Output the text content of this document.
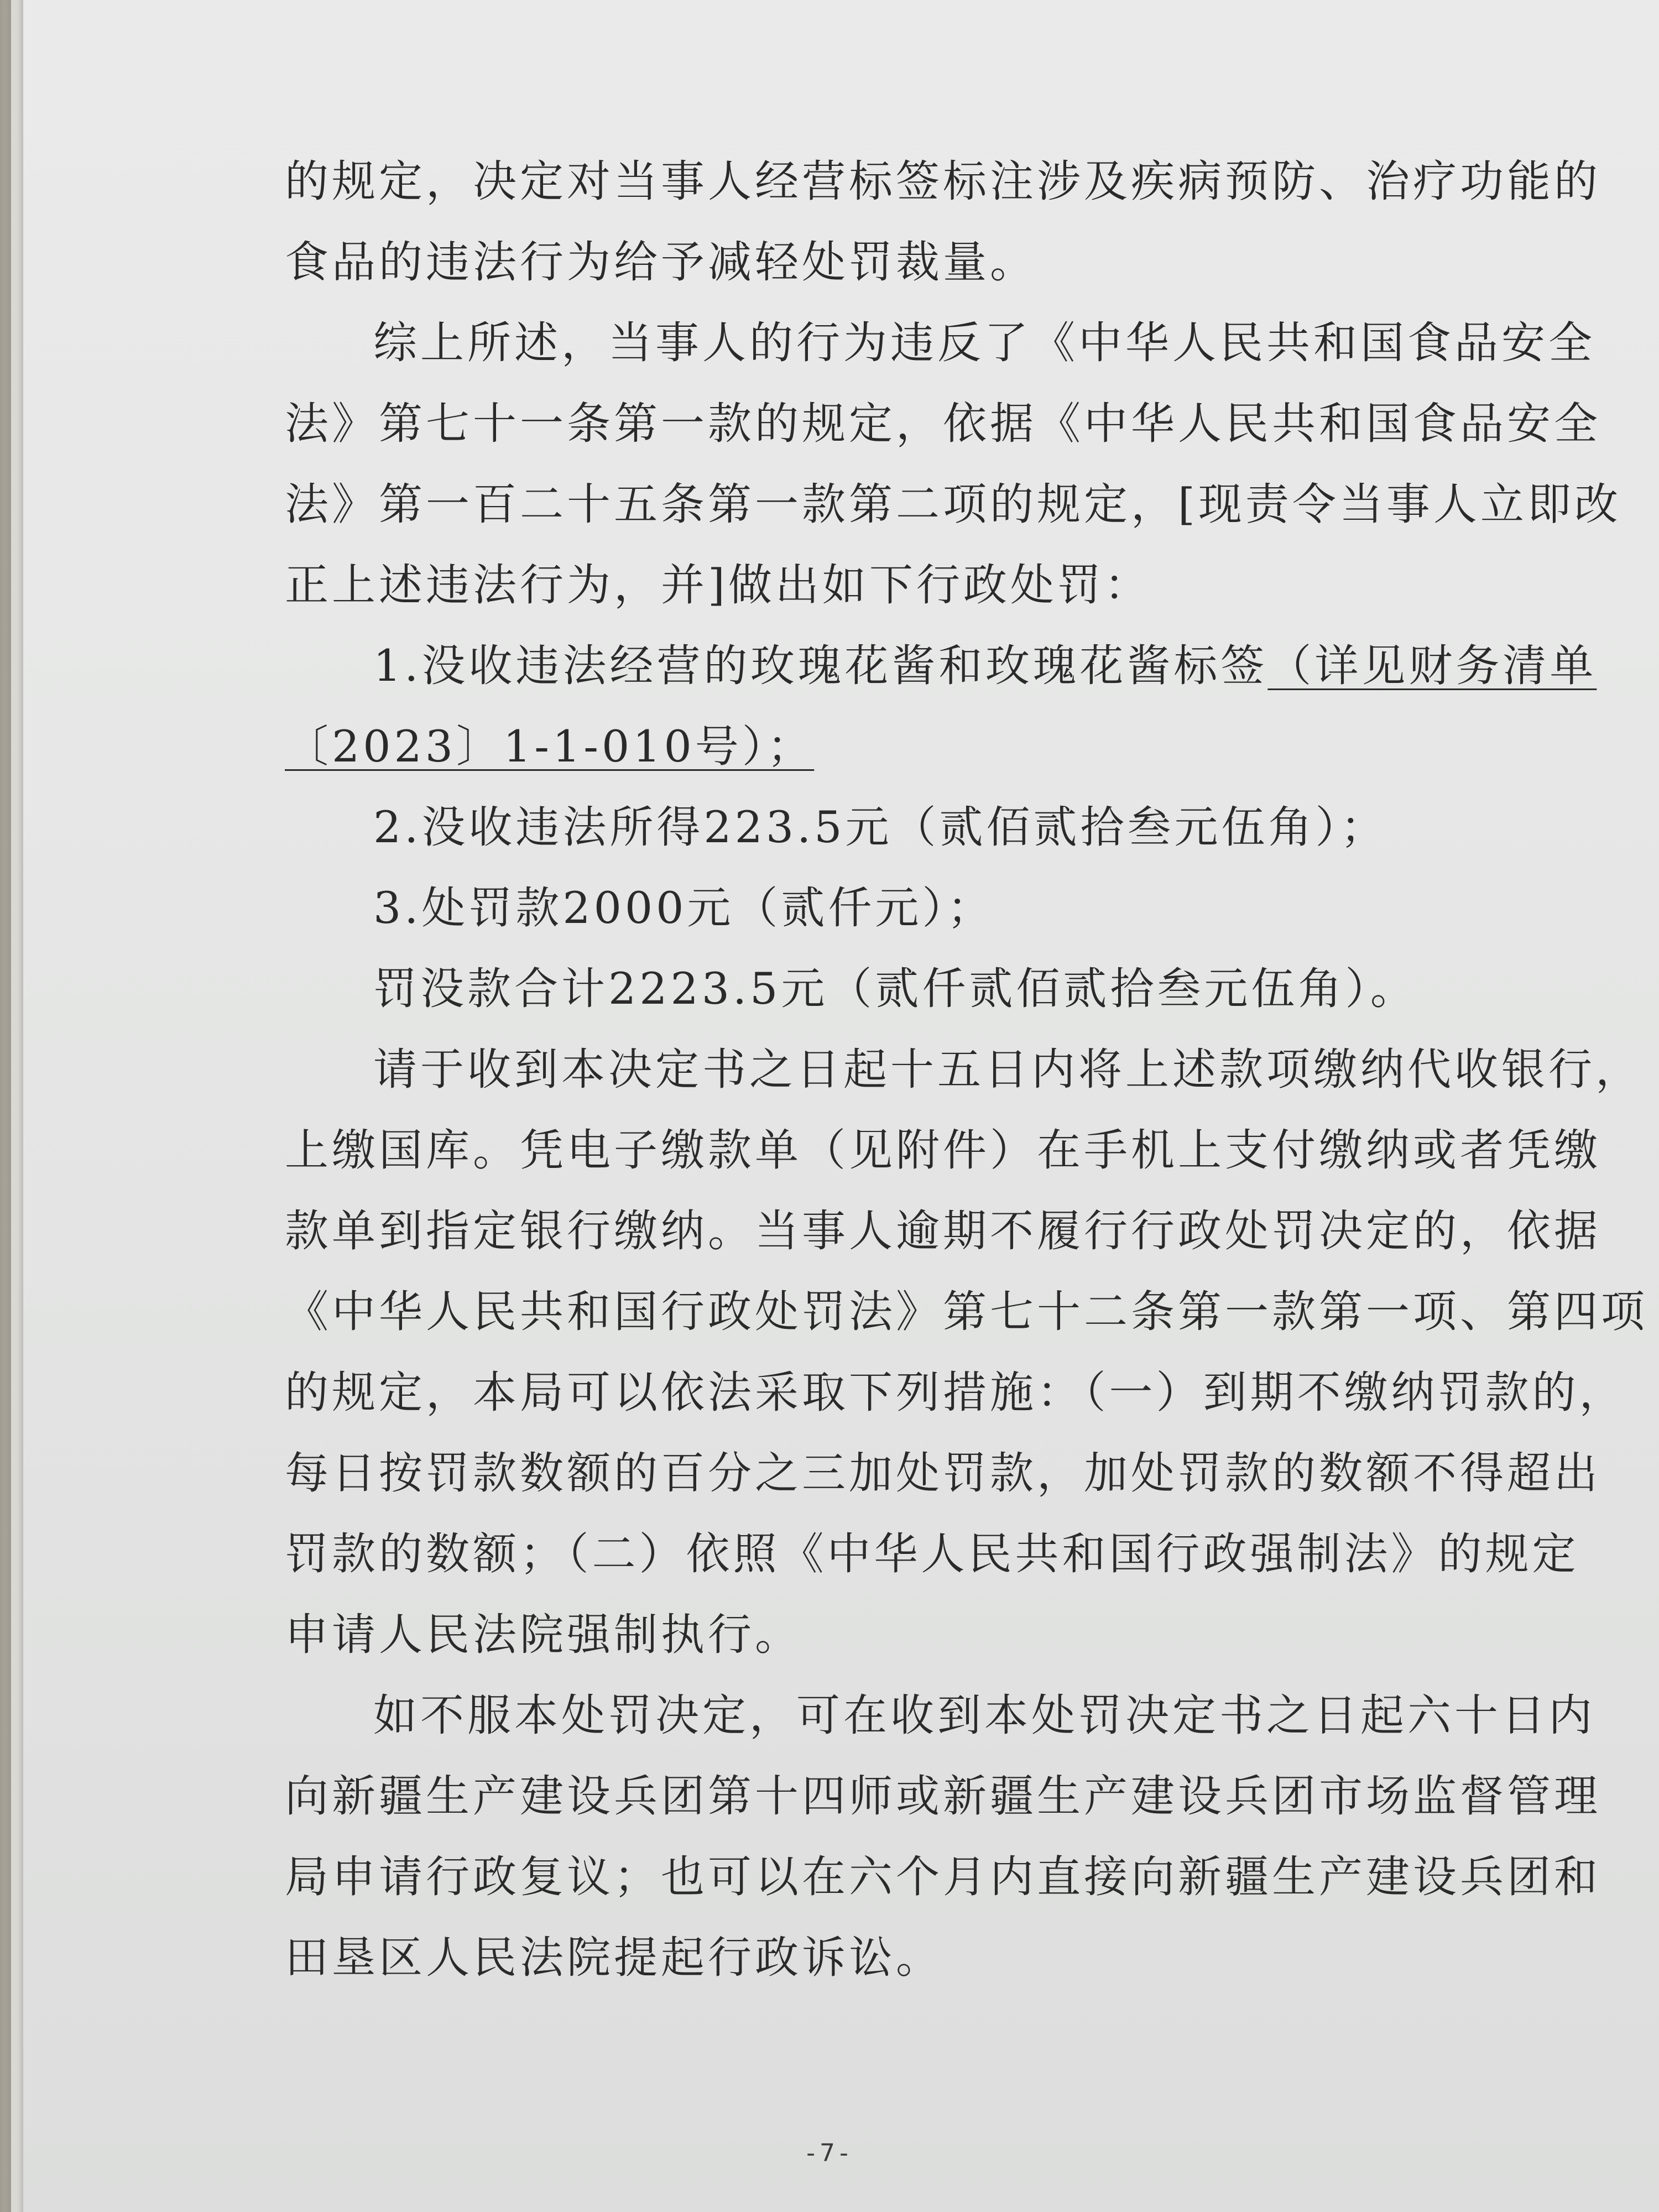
的规定，决定对当事人经营标签标注涉及疾病预防、治疗功能的
食品的违法行为给予减轻处罚裁量。
综上所述，当事人的行为违反了《中华人民共和国食品安全
法》第七十一条第一款的规定，依据《中华人民共和国食品安全
法》第一百二十五条第一款第二项的规定，[现责令当事人立即改
正上述违法行为，并]做出如下行政处罚：
1.没收违法经营的玫瑰花酱和玫瑰花酱标签（详见财务清单
〔2023〕1-1-010号）；
2.没收违法所得223.5元（贰佰贰拾叁元伍角）；
3.处罚款2000元（贰仟元）；
罚没款合计2223.5元（贰仟贰佰贰拾叁元伍角）。
请于收到本决定书之日起十五日内将上述款项缴纳代收银行，
上缴国库。凭电子缴款单（见附件）在手机上支付缴纳或者凭缴
款单到指定银行缴纳。当事人逾期不履行行政处罚决定的，依据
《中华人民共和国行政处罚法》第七十二条第一款第一项、第四项
的规定，本局可以依法采取下列措施：（一）到期不缴纳罚款的，
每日按罚款数额的百分之三加处罚款，加处罚款的数额不得超出
罚款的数额；（二）依照《中华人民共和国行政强制法》的规定
申请人民法院强制执行。
如不服本处罚决定，可在收到本处罚决定书之日起六十日内
向新疆生产建设兵团第十四师或新疆生产建设兵团市场监督管理
局申请行政复议；也可以在六个月内直接向新疆生产建设兵团和
田垦区人民法院提起行政诉讼。
-7-
